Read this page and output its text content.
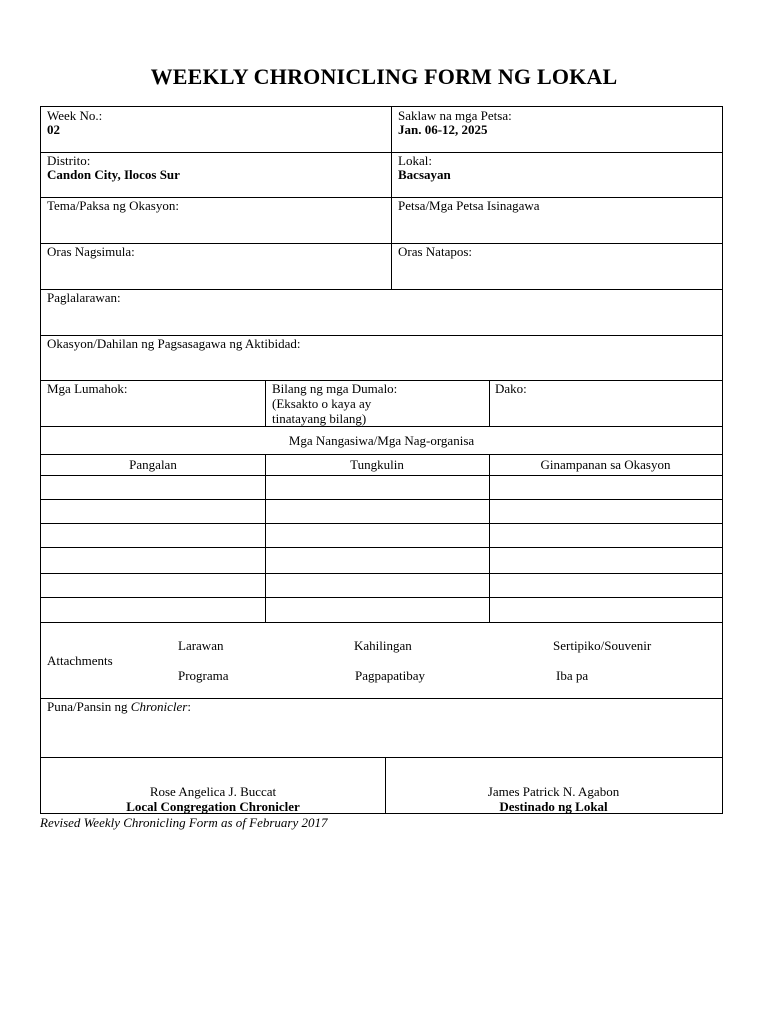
WEEKLY CHRONICLING FORM NG LOKAL
Week No.:
02
Saklaw na mga Petsa:
Jan. 06-12, 2025
Distrito:
Candon City, Ilocos Sur
Lokal:
Bacsayan
Tema/Paksa ng Okasyon:	Petsa/Mga Petsa Isinagawa
Oras Nagsimula:	Oras Natapos:
Paglalarawan:
Okasyon/Dahilan ng Pagsasagawa ng Aktibidad:
Mga Lumahok:	Bilang ng mga Dumalo:
(Eksakto o kaya ay
tinatayang bilang)
Dako:
Mga Nangasiwa/Mga Nag-organisa
Pangalan	Tungkulin	Ginampanan sa Okasyon
Attachments
Larawan	Kahilingan	Sertipiko/Souvenir
Programa	Pagpapatibay	Iba pa
Puna/Pansin ng Chronicler:
Rose Angelica J. Buccat
Local Congregation Chronicler
James Patrick N. Agabon
Destinado ng Lokal
Revised Weekly Chronicling Form as of February 2017
